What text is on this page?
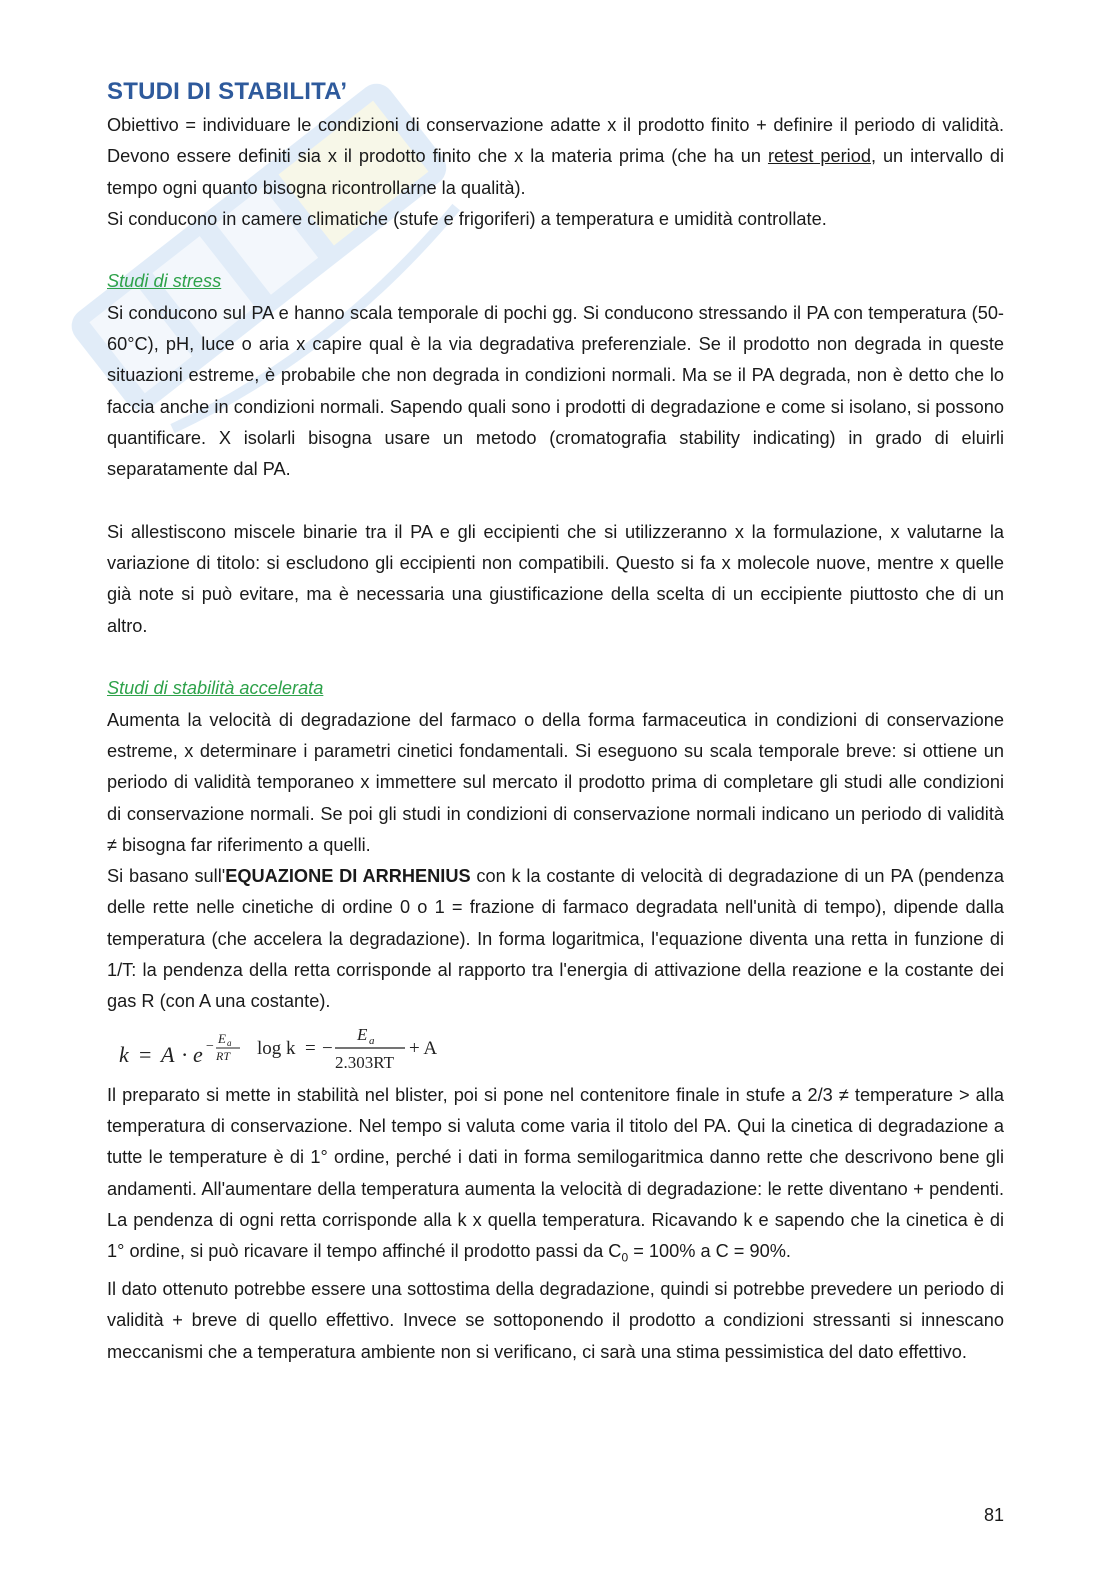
STUDI DI STABILITA’

Obiettivo = individuare le condizioni di conservazione adatte x il prodotto finito + definire il periodo di validità. Devono essere definiti sia x il prodotto finito che x la materia prima (che ha un retest period, un intervallo di tempo ogni quanto bisogna ricontrollarne la qualità).

Si conducono in camere climatiche (stufe e frigoriferi) a temperatura e umidità controllate.

Studi di stress

Si conducono sul PA e hanno scala temporale di pochi gg. Si conducono stressando il PA con temperatura (50-60°C), pH, luce o aria x capire qual è la via degradativa preferenziale. Se il prodotto non degrada in queste situazioni estreme, è probabile che non degrada in condizioni normali. Ma se il PA degrada, non è detto che lo faccia anche in condizioni normali. Sapendo quali sono i prodotti di degradazione e come si isolano, si possono quantificare. X isolarli bisogna usare un metodo (cromatografia stability indicating) in grado di eluirli separatamente dal PA.

Si allestiscono miscele binarie tra il PA e gli eccipienti che si utilizzeranno x la formulazione, x valutarne la variazione di titolo: si escludono gli eccipienti non compatibili. Questo si fa x molecole nuove, mentre x quelle già note si può evitare, ma è necessaria una giustificazione della scelta di un eccipiente piuttosto che di un altro.

Studi di stabilità accelerata

Aumenta la velocità di degradazione del farmaco o della forma farmaceutica in condizioni di conservazione estreme, x determinare i parametri cinetici fondamentali. Si eseguono su scala temporale breve: si ottiene un periodo di validità temporaneo x immettere sul mercato il prodotto prima di completare gli studi alle condizioni di conservazione normali. Se poi gli studi in condizioni di conservazione normali indicano un periodo di validità ≠ bisogna far riferimento a quelli.

Si basano sull'EQUAZIONE DI ARRHENIUS con k la costante di velocità di degradazione di un PA (pendenza delle rette nelle cinetiche di ordine 0 o 1 = frazione di farmaco degradata nell'unità di tempo), dipende dalla temperatura (che accelera la degradazione). In forma logaritmica, l'equazione diventa una retta in funzione di 1/T: la pendenza della retta corrisponde al rapporto tra l'energia di attivazione della reazione e la costante dei gas R (con A una costante).

k = A · e −
E a
RT log k = −
E a
2.303RT
+ A

Il preparato si mette in stabilità nel blister, poi si pone nel contenitore finale in stufe a 2/3 ≠ temperature > alla temperatura di conservazione. Nel tempo si valuta come varia il titolo del PA. Qui la cinetica di degradazione a tutte le temperature è di 1° ordine, perché i dati in forma semilogaritmica danno rette che descrivono bene gli andamenti. All'aumentare della temperatura aumenta la velocità di degradazione: le rette diventano + pendenti. La pendenza di ogni retta corrisponde alla k x quella temperatura. Ricavando k e sapendo che la cinetica è di 1° ordine, si può ricavare il tempo affinché il prodotto passi da $C_0 = 100\%$ a C = 90%.

Il dato ottenuto potrebbe essere una sottostima della degradazione, quindi si potrebbe prevedere un periodo di validità + breve di quello effettivo. Invece se sottoponendo il prodotto a condizioni stressanti si innescano meccanismi che a temperatura ambiente non si verificano, ci sarà una stima pessimistica del dato effettivo.

81
